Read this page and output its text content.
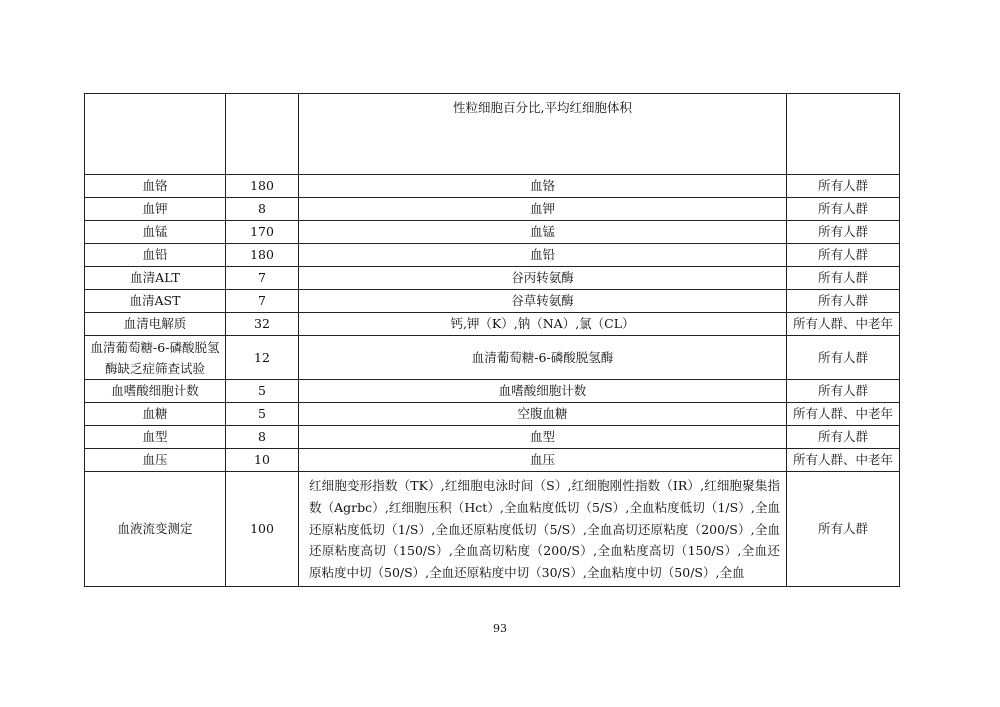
		性粒细胞百分比,平均红细胞体积	
血铬	180	血铬	所有人群
血钾	8	血钾	所有人群
血锰	170	血锰	所有人群
血铅	180	血铅	所有人群
血清ALT	7	谷丙转氨酶	所有人群
血清AST	7	谷草转氨酶	所有人群
血清电解质	32	钙,钾（K）,钠（NA）,氯（CL）	所有人群、中老年
血清葡萄糖-6-磷酸脱氢酶缺乏症筛查试验	12	血清葡萄糖-6-磷酸脱氢酶	所有人群
血嗜酸细胞计数	5	血嗜酸细胞计数	所有人群
血糖	5	空腹血糖	所有人群、中老年
血型	8	血型	所有人群
血压	10	血压	所有人群、中老年
血液流变测定	100	红细胞变形指数（TK）,红细胞电泳时间（S）,红细胞刚性指数（IR）,红细胞聚集指数（Agrbc）,红细胞压积（Hct）,全血粘度低切（5/S）,全血粘度低切（1/S）,全血还原粘度低切（1/S）,全血还原粘度低切（5/S）,全血高切还原粘度（200/S）,全血还原粘度高切（150/S）,全血高切粘度（200/S）,全血粘度高切（150/S）,全血还原粘度中切（50/S）,全血还原粘度中切（30/S）,全血粘度中切（50/S）,全血	所有人群
93
